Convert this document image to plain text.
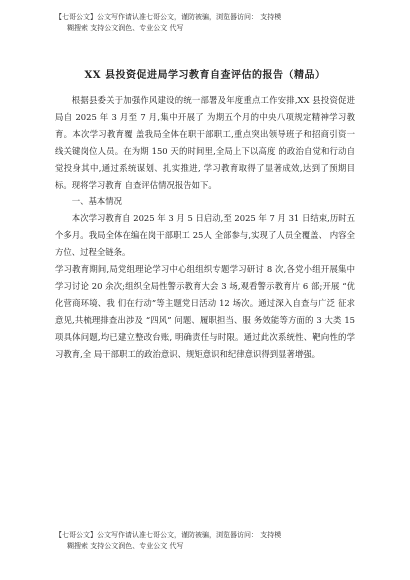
【七哥公文】公文写作请认准七哥公文，谨防被骗，浏览器访问： 支持模
糊搜索 支持公文润色、专业公文 代写
XX 县投资促进局学习教育自查评估的报告（精品）

根据县委关于加强作风建设的统一部署及年度重点工作安排,XX 县投资促进局自 2025 年 3 月至 7 月,集中开展了 为期五个月的中央八项规定精神学习教育。本次学习教育覆 盖我局全体在职干部职工,重点突出领导班子和招商引资一 线关键岗位人员。在为期 150 天的时间里,全局上下以高度 的政治自觉和行动自觉投身其中,通过系统谋划、扎实推进, 学习教育取得了显著成效,达到了预期目标。现将学习教育 自查评估情况报告如下。

一、基本情况

本次学习教育自 2025 年 3 月 5 日启动,至 2025 年 7 月 31 日结束,历时五个多月。我局全体在编在岗干部职工 25人 全部参与,实现了人员全覆盖、 内容全方位、过程全链条。

学习教育期间,局党组理论学习中心组组织专题学习研讨 8 次,各党小组开展集中学习讨论 20 余次;组织全局性警示教育大会 3 场,观看警示教育片 6 部;开展 “优化营商环境、我 们在行动”等主题党日活动 12 场次。通过深入自查与广泛 征求意见,共梳理排查出涉及 “四风” 问题、履职担当、服 务效能等方面的 3 大类 15 项具体问题,均已建立整改台账, 明确责任与时限。通过此次系统性、靶向性的学习教育,全 局干部职工的政治意识、规矩意识和纪律意识得到显著增强。

【七哥公文】公文写作请认准七哥公文，谨防被骗，浏览器访问： 支持模
糊搜索 支持公文润色、专业公文 代写
